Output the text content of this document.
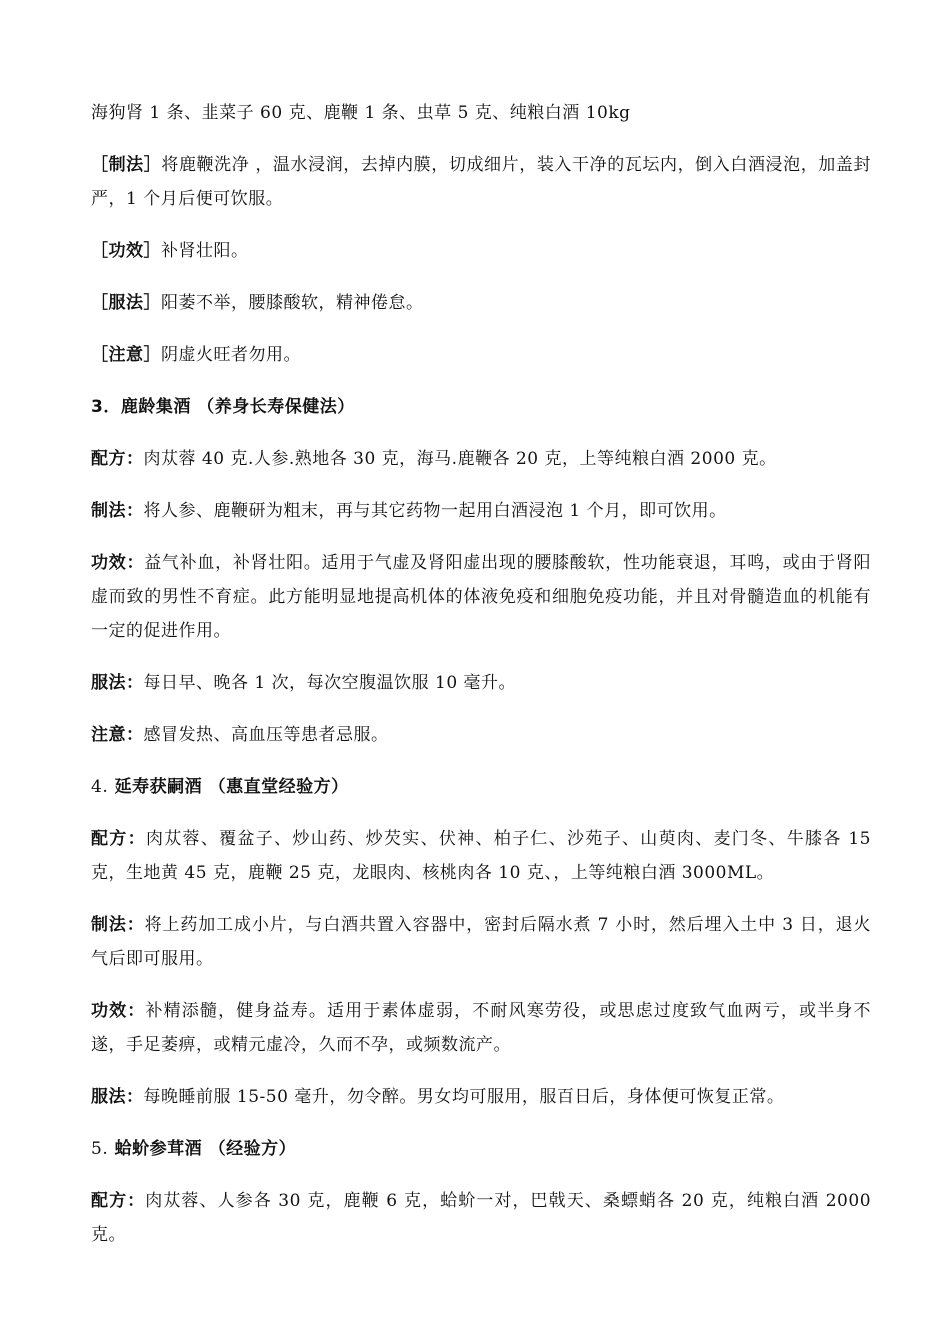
海狗肾 1 条、韭菜子 60 克、鹿鞭 1 条、虫草 5 克、纯粮白酒 10kg

［制法］将鹿鞭洗净 ，温水浸润，去掉内膜，切成细片，装入干净的瓦坛内，倒入白酒浸泡，加盖封严，1 个月后便可饮服。

［功效］补肾壮阳。

［服法］阳萎不举，腰膝酸软，精神倦怠。

［注意］阴虚火旺者勿用。

3．鹿龄集酒 （养身长寿保健法）

配方：肉苁蓉 40 克.人参.熟地各 30 克，海马.鹿鞭各 20 克，上等纯粮白酒 2000 克。

制法：将人参、鹿鞭研为粗末，再与其它药物一起用白酒浸泡 1 个月，即可饮用。

功效：益气补血，补肾壮阳。适用于气虚及肾阳虚出现的腰膝酸软，性功能衰退，耳鸣，或由于肾阳虚而致的男性不育症。此方能明显地提高机体的体液免疫和细胞免疫功能，并且对骨髓造血的机能有一定的促进作用。

服法：每日早、晚各 1 次，每次空腹温饮服 10 毫升。

注意：感冒发热、高血压等患者忌服。

4. 延寿获嗣酒 （惠直堂经验方）

配方：肉苁蓉、覆盆子、炒山药、炒芡实、伏神、柏子仁、沙苑子、山萸肉、麦门冬、牛膝各 15 克，生地黄 45 克，鹿鞭 25 克，龙眼肉、核桃肉各 10 克、，上等纯粮白酒 3000ML。

制法：将上药加工成小片，与白酒共置入容器中，密封后隔水煮 7 小时，然后埋入土中 3 日，退火气后即可服用。

功效：补精添髓，健身益寿。适用于素体虚弱，不耐风寒劳役，或思虑过度致气血两亏，或半身不遂，手足萎痹，或精元虚冷，久而不孕，或频数流产。

服法：每晚睡前服 15-50 毫升，勿令醉。男女均可服用，服百日后，身体便可恢复正常。

5. 蛤蚧参茸酒 （经验方）

配方：肉苁蓉、人参各 30 克，鹿鞭 6 克，蛤蚧一对，巴戟天、桑螵蛸各 20 克，纯粮白酒 2000 克。
